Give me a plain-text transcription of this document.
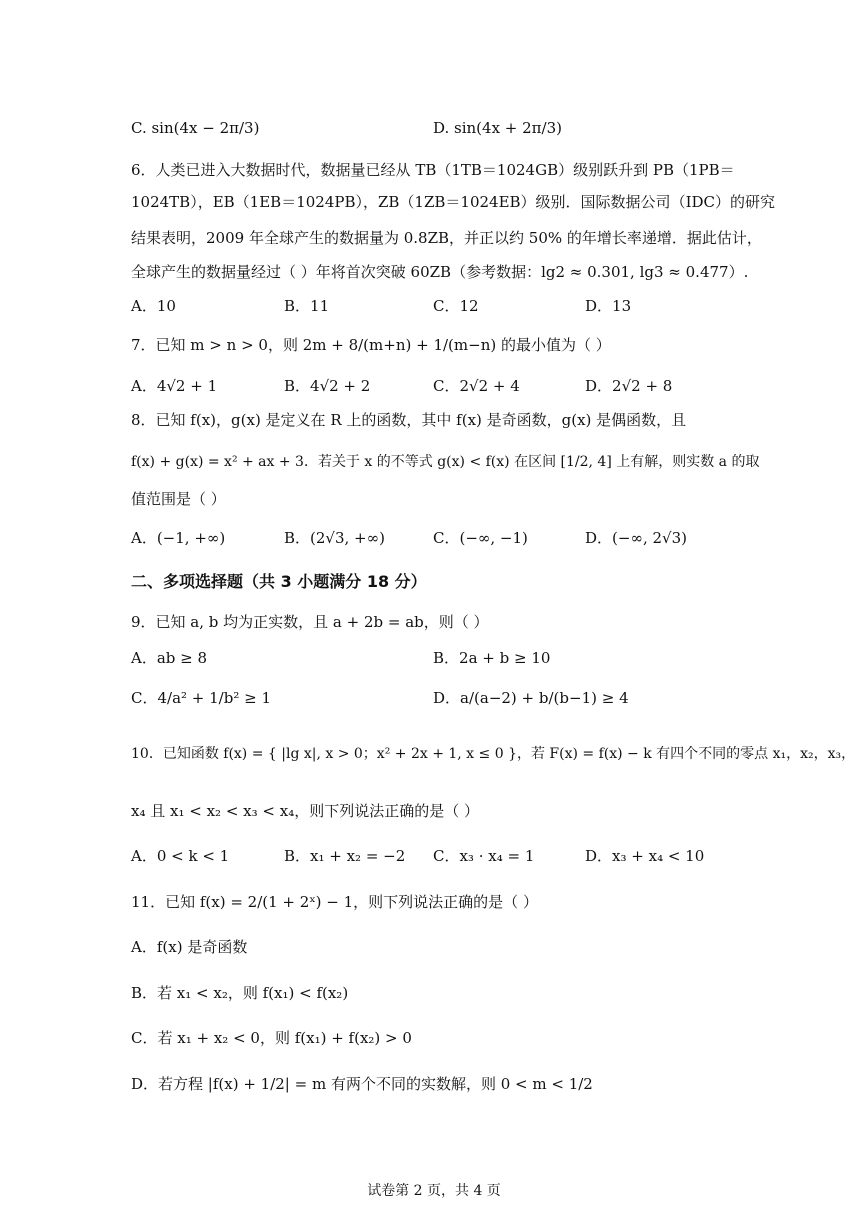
C. sin(4x − 2π/3)	D. sin(4x + 2π/3)
6．人类已进入大数据时代，数据量已经从 TB（1TB＝1024GB）级别跃升到 PB（1PB＝
1024TB），EB（1EB＝1024PB），ZB（1ZB＝1024EB）级别．国际数据公司（IDC）的研究
结果表明，2009 年全球产生的数据量为 0.8ZB，并正以约 50% 的年增长率递增．据此估计，
全球产生的数据量经过（ ）年将首次突破 60ZB（参考数据：lg2 ≈ 0.301, lg3 ≈ 0.477）.
A．10	B．11	C．12	D．13
7．已知 m > n > 0，则 2m + 8/(m+n) + 1/(m−n) 的最小值为（ ）
A．4√2 + 1	B．4√2 + 2	C．2√2 + 4	D．2√2 + 8
8．已知 f(x)，g(x) 是定义在 R 上的函数，其中 f(x) 是奇函数，g(x) 是偶函数，且
f(x) + g(x) = x² + ax + 3．若关于 x 的不等式 g(x) < f(x) 在区间 [1/2, 4] 上有解，则实数 a 的取
值范围是（ ）
A．(−1, +∞)	B．(2√3, +∞)	C．(−∞, −1)	D．(−∞, 2√3)
二、多项选择题（共 3 小题满分 18 分）
9．已知 a, b 均为正实数，且 a + 2b = ab，则（ ）
A．ab ≥ 8	B．2a + b ≥ 10
C．4/a² + 1/b² ≥ 1	D．a/(a−2) + b/(b−1) ≥ 4
10．已知函数 f(x) = { |lg x|, x > 0；x² + 2x + 1, x ≤ 0 }，若 F(x) = f(x) − k 有四个不同的零点 x₁，x₂，x₃，
x₄ 且 x₁ < x₂ < x₃ < x₄，则下列说法正确的是（ ）
A．0 < k < 1	B．x₁ + x₂ = −2 C．x₃ · x₄ = 1	D．x₃ + x₄ < 10
11．已知 f(x) = 2/(1 + 2ˣ) − 1，则下列说法正确的是（ ）
A．f(x) 是奇函数
B．若 x₁ < x₂，则 f(x₁) < f(x₂)
C．若 x₁ + x₂ < 0，则 f(x₁) + f(x₂) > 0
D．若方程 |f(x) + 1/2| = m 有两个不同的实数解，则 0 < m < 1/2
试卷第 2 页，共 4 页
